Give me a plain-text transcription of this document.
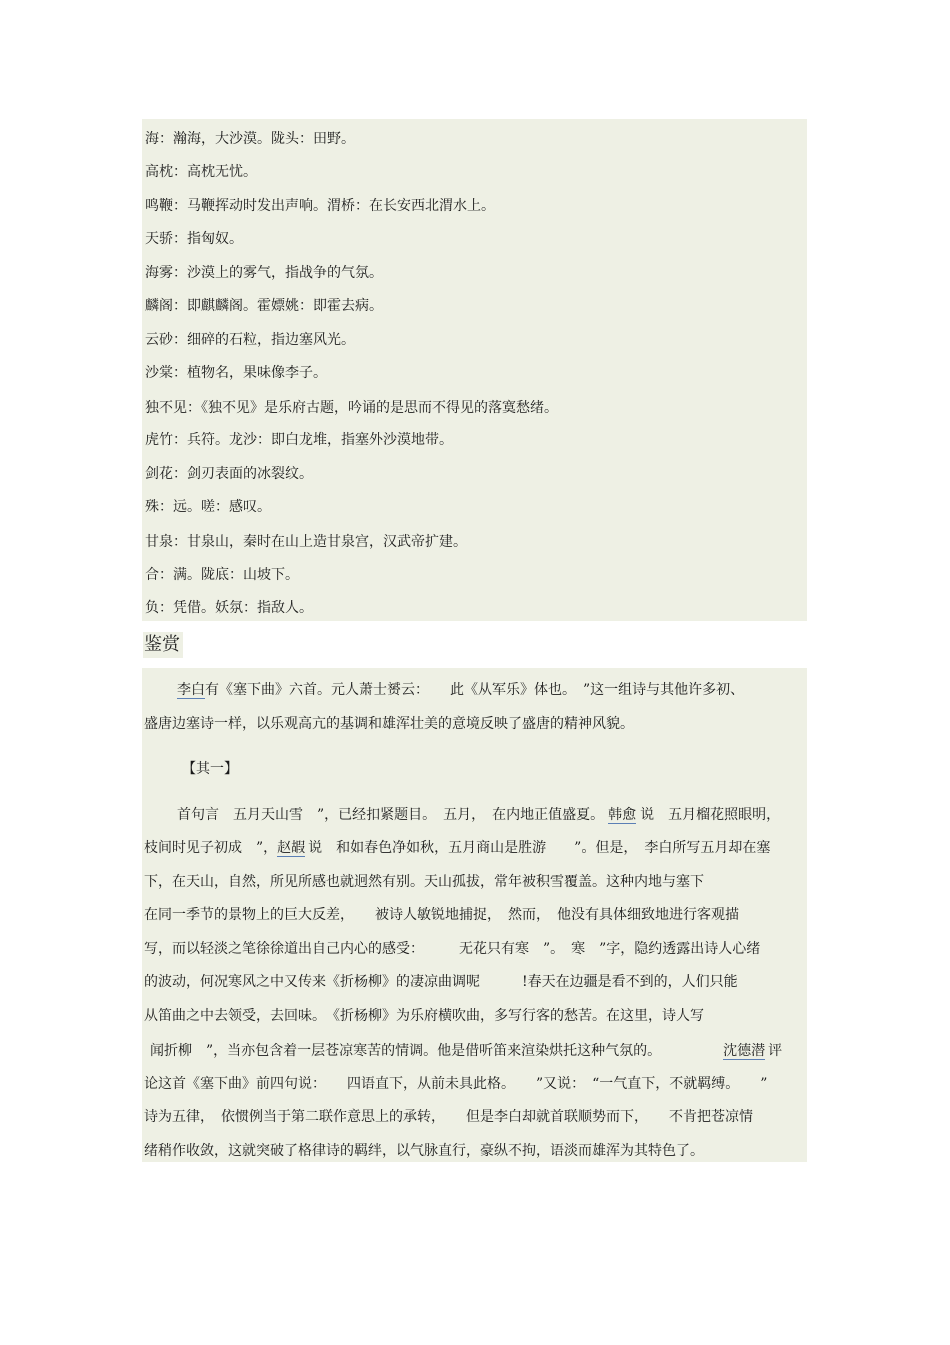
海：瀚海，大沙漠。陇头：田野。
高枕：高枕无忧。
鸣鞭：马鞭挥动时发出声响。渭桥：在长安西北渭水上。
天骄：指匈奴。
海雾：沙漠上的雾气，指战争的气氛。
麟阁：即麒麟阁。霍嫖姚：即霍去病。
云砂：细碎的石粒，指边塞风光。
沙棠：植物名，果味像李子。
独不见：《独不见》是乐府古题，吟诵的是思而不得见的落寞愁绪。
虎竹：兵符。龙沙：即白龙堆，指塞外沙漠地带。
剑花：剑刃表面的冰裂纹。
殊：远。嗟：感叹。
甘泉：甘泉山，秦时在山上造甘泉宫，汉武帝扩建。
合：满。陇底：山坡下。
负：凭借。妖氛：指敌人。
鉴赏
李白有《塞下曲》六首。元人萧士赟云：　　此《从军乐》体也。　”这一组诗与其他许多初、
盛唐边塞诗一样，以乐观高亢的基调和雄浑壮美的意境反映了盛唐的精神风貌。
【其一】
首句言　五月天山雪　”，已经扣紧题目。　五月，　在内地正值盛夏。 韩愈 说　五月榴花照眼明，
枝间时见子初成　”，赵嘏 说　和如春色净如秋，五月商山是胜游　　”。但是，　李白所写五月却在塞
下，在天山，自然，所见所感也就迥然有别。天山孤拔，常年被积雪覆盖。这种内地与塞下
在同一季节的景物上的巨大反差，　　被诗人敏锐地捕捉，　然而，　他没有具体细致地进行客观描
写，而以轻淡之笔徐徐道出自己内心的感受：　　　无花只有寒　”。　寒　”字，隐约透露出诗人心绪
的波动，何况寒风之中又传来《折杨柳》的凄凉曲调呢　　　!春天在边疆是看不到的，人们只能
从笛曲之中去领受，去回味。　《折杨柳》为乐府横吹曲，多写行客的愁苦。在这里，诗人写
闻折柳　”，当亦包含着一层苍凉寒苦的情调。他是借听笛来渲染烘托这种气氛的。	沈德潜 评
论这首《塞下曲》前四句说：　　四语直下，从前未具此格。　　”又说：　“一气直下，不就羁缚。　　”
诗为五律，　依惯例当于第二联作意思上的承转，　　但是李白却就首联顺势而下，　　不肯把苍凉情
绪稍作收敛，这就突破了格律诗的羁绊，以气脉直行，豪纵不拘，语淡而雄浑为其特色了。
